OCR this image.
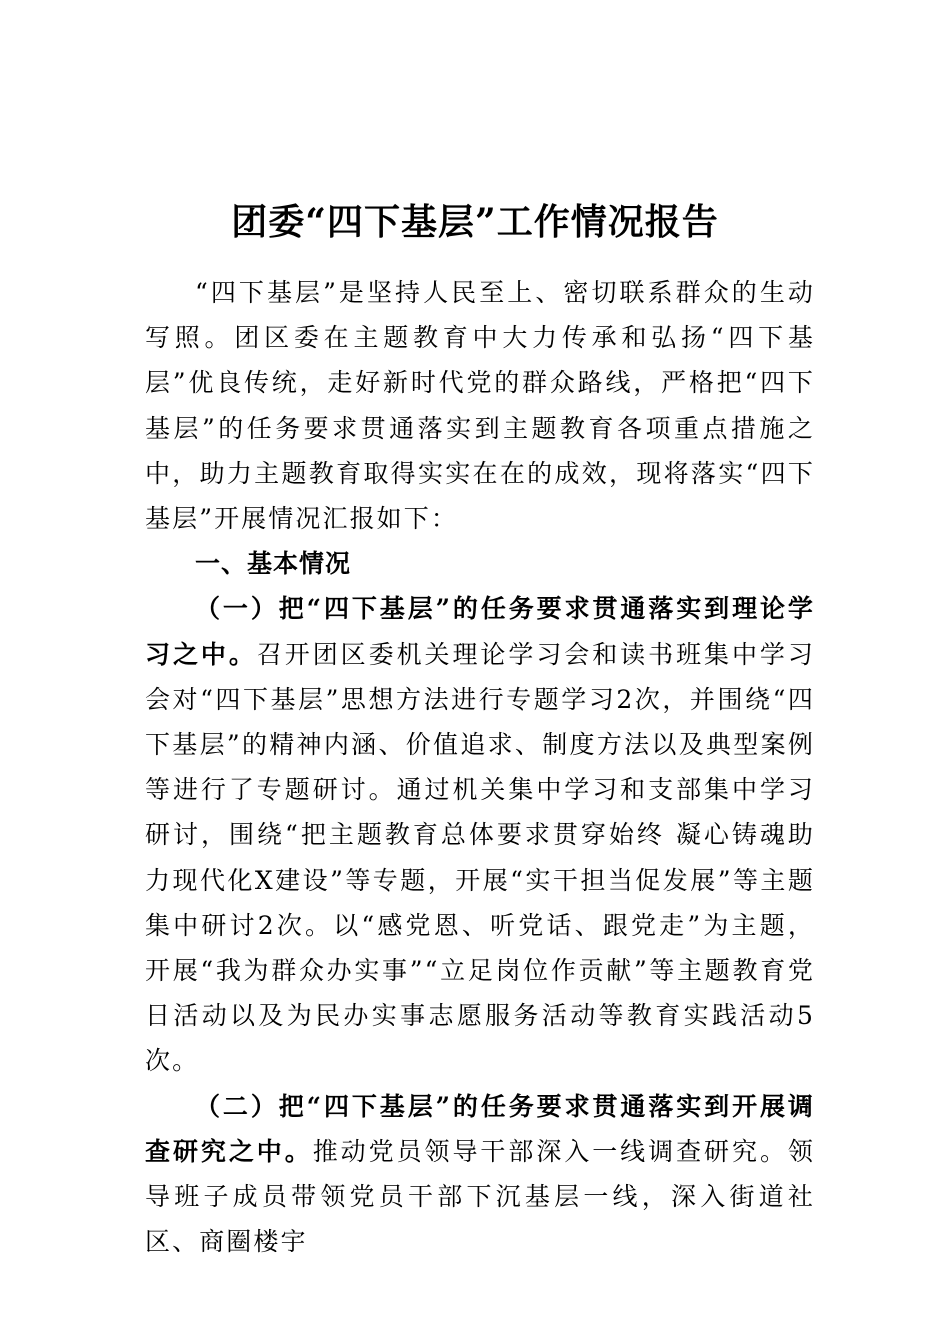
团委“四下基层”工作情况报告

“四下基层”是坚持人民至上、密切联系群众的生动写照。团区委在主题教育中大力传承和弘扬“四下基层”优良传统，走好新时代党的群众路线，严格把“四下基层”的任务要求贯通落实到主题教育各项重点措施之中，助力主题教育取得实实在在的成效，现将落实“四下基层”开展情况汇报如下：

一、基本情况

（一）把“四下基层”的任务要求贯通落实到理论学习之中。召开团区委机关理论学习会和读书班集中学习会对“四下基层”思想方法进行专题学习2次，并围绕“四下基层”的精神内涵、价值追求、制度方法以及典型案例等进行了专题研讨。通过机关集中学习和支部集中学习研讨，围绕“把主题教育总体要求贯穿始终 凝心铸魂助力现代化X建设”等专题，开展“实干担当促发展”等主题集中研讨2次。以“感党恩、听党话、跟党走”为主题，开展“我为群众办实事”“立足岗位作贡献”等主题教育党日活动以及为民办实事志愿服务活动等教育实践活动5次。

（二）把“四下基层”的任务要求贯通落实到开展调查研究之中。推动党员领导干部深入一线调查研究。领导班子成员带领党员干部下沉基层一线，深入街道社区、商圈楼宇
